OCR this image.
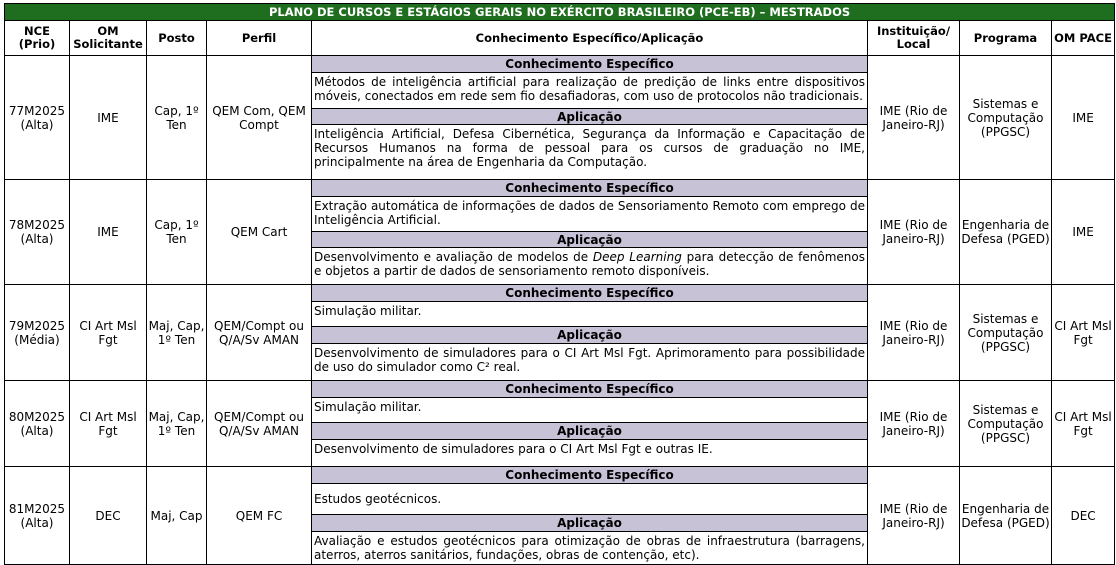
PLANO DE CURSOS E ESTÁGIOS GERAIS NO EXÉRCITO BRASILEIRO (PCE-EB) – MESTRADOS							
NCE (Prio)	OM Solicitante	Posto	Perfil	Conhecimento Específico/Aplicação	Instituição/ Local	Programa	OM PACE
77M2025 (Alta)	IME	Cap, 1º Ten	QEM Com, QEM Compt	Conhecimento Específico
Métodos de inteligência artificial para realização de predição de links entre dispositivos móveis, conectados em rede sem fio desafiadoras, com uso de protocolos não tradicionais.
Aplicação
Inteligência Artificial, Defesa Cibernética, Segurança da Informação e Capacitação de Recursos Humanos na forma de pessoal para os cursos de graduação no IME, principalmente na área de Engenharia da Computação.	IME (Rio de Janeiro-RJ)	Sistemas e Computação (PPGSC)	IME
78M2025 (Alta)	IME	Cap, 1º Ten	QEM Cart	Conhecimento Específico
Extração automática de informações de dados de Sensoriamento Remoto com emprego de Inteligência Artificial.
Aplicação
Desenvolvimento e avaliação de modelos de Deep Learning para detecção de fenômenos e objetos a partir de dados de sensoriamento remoto disponíveis.	IME (Rio de Janeiro-RJ)	Engenharia de Defesa (PGED)	IME
79M2025 (Média)	CI Art Msl Fgt	Maj, Cap, 1º Ten	QEM/Compt ou Q/A/Sv AMAN	Conhecimento Específico
Simulação militar.
Aplicação
Desenvolvimento de simuladores para o CI Art Msl Fgt. Aprimoramento para possibilidade de uso do simulador como C² real.	IME (Rio de Janeiro-RJ)	Sistemas e Computação (PPGSC)	CI Art Msl Fgt
80M2025 (Alta)	CI Art Msl Fgt	Maj, Cap, 1º Ten	QEM/Compt ou Q/A/Sv AMAN	Conhecimento Específico
Simulação militar.
Aplicação
Desenvolvimento de simuladores para o CI Art Msl Fgt e outras IE.	IME (Rio de Janeiro-RJ)	Sistemas e Computação (PPGSC)	CI Art Msl Fgt
81M2025 (Alta)	DEC	Maj, Cap	QEM FC	Conhecimento Específico
Estudos geotécnicos.
Aplicação
Avaliação e estudos geotécnicos para otimização de obras de infraestrutura (barragens, aterros, aterros sanitários, fundações, obras de contenção, etc).	IME (Rio de Janeiro-RJ)	Engenharia de Defesa (PGED)	DEC
